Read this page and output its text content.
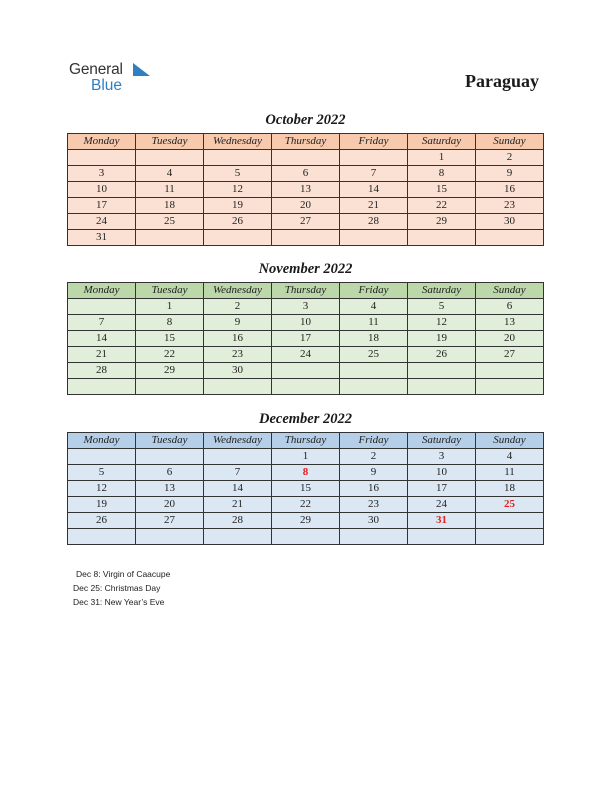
General
Blue	Paraguay
October 2022
Monday	Tuesday	Wednesday	Thursday	Friday	Saturday	Sunday
					1	2
3	4	5	6	7	8	9
10	11	12	13	14	15	16
17	18	19	20	21	22	23
24	25	26	27	28	29	30
31						
November 2022
Monday	Tuesday	Wednesday	Thursday	Friday	Saturday	Sunday
	1	2	3	4	5	6
7	8	9	10	11	12	13
14	15	16	17	18	19	20
21	22	23	24	25	26	27
28	29	30				

December 2022
Monday	Tuesday	Wednesday	Thursday	Friday	Saturday	Sunday
			1	2	3	4
5	6	7	8	9	10	11
12	13	14	15	16	17	18
19	20	21	22	23	24	25
26	27	28	29	30	31	

Dec 8: Virgin of Caacupe
Dec 25: Christmas Day
Dec 31: New Year’s Eve
